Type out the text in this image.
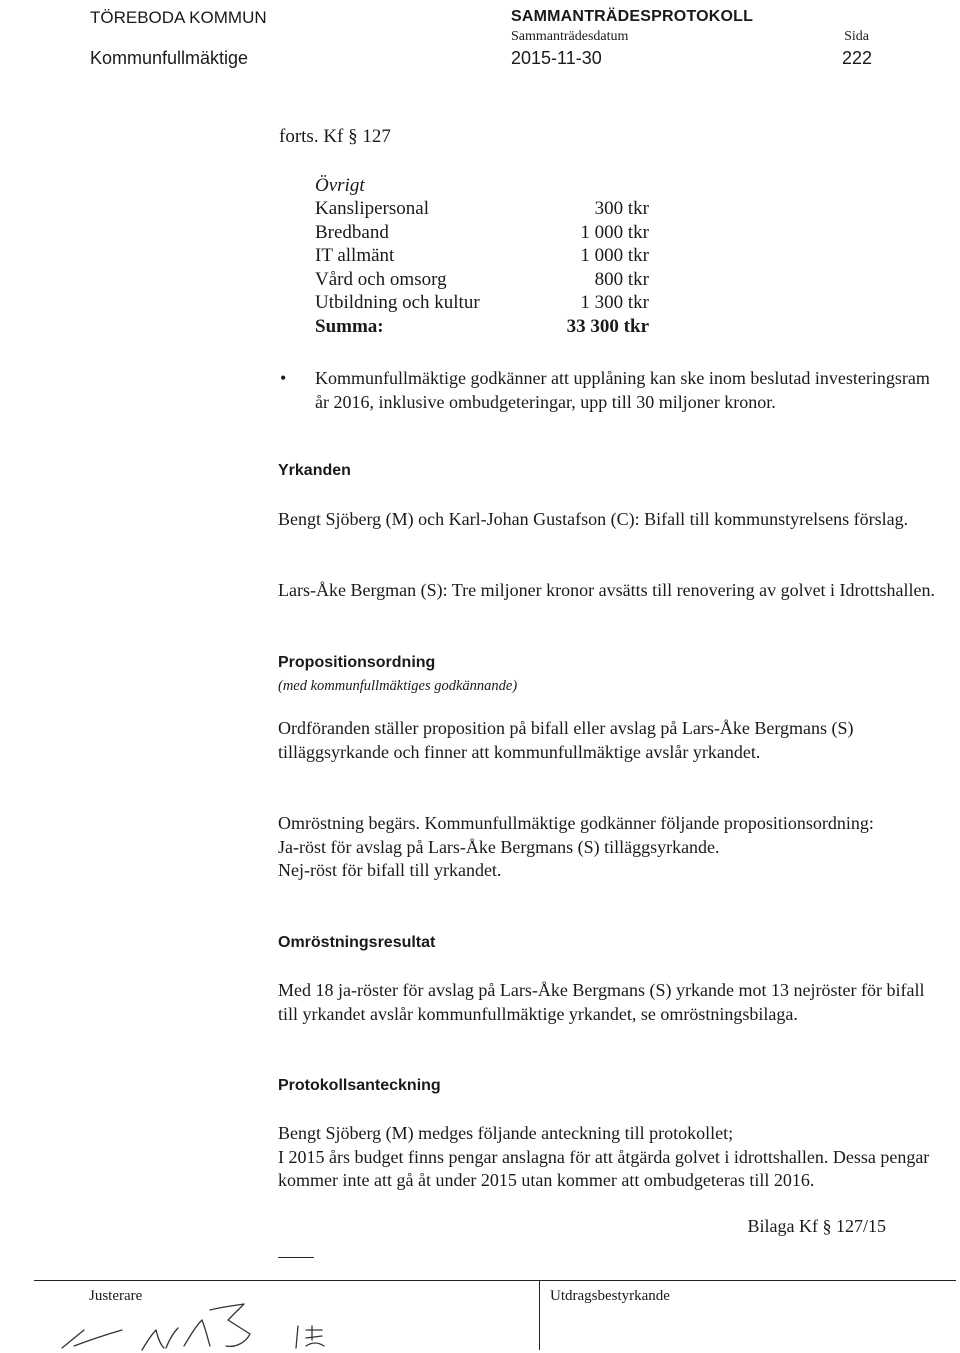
TÖREBODA KOMMUN
Kommunfullmäktige
SAMMANTRÄDESPROTOKOLL
Sammanträdesdatum
2015-11-30
Sida
222
forts. Kf § 127
Övrigt
Kanslipersonal	300 tkr
Bredband	1 000 tkr
IT allmänt	1 000 tkr
Vård och omsorg	800 tkr
Utbildning och kultur	1 300 tkr
Summa:	33 300 tkr
• Kommunfullmäktige godkänner att upplåning kan ske inom beslutad investeringsram år 2016, inklusive ombudgeteringar, upp till 30 miljoner kronor.
Yrkanden

Bengt Sjöberg (M) och Karl-Johan Gustafson (C): Bifall till kommunstyrelsens förslag.

Lars-Åke Bergman (S): Tre miljoner kronor avsätts till renovering av golvet i Idrottshallen.

Propositionsordning
(med kommunfullmäktiges godkännande)

Ordföranden ställer proposition på bifall eller avslag på Lars-Åke Bergmans (S) tilläggsyrkande och finner att kommunfullmäktige avslår yrkandet.

Omröstning begärs. Kommunfullmäktige godkänner följande propositionsordning:

Ja-röst för avslag på Lars-Åke Bergmans (S) tilläggsyrkande.

Nej-röst för bifall till yrkandet.

Omröstningsresultat

Med 18 ja-röster för avslag på Lars-Åke Bergmans (S) yrkande mot 13 nejröster för bifall till yrkandet avslår kommunfullmäktige yrkandet, se omröstningsbilaga.

Protokollsanteckning

Bengt Sjöberg (M) medges följande anteckning till protokollet;

I 2015 års budget finns pengar anslagna för att åtgärda golvet i idrottshallen. Dessa pengar kommer inte att gå åt under 2015 utan kommer att ombudgeteras till 2016.

Bilaga Kf § 127/15
Justerare	Utdragsbestyrkande
